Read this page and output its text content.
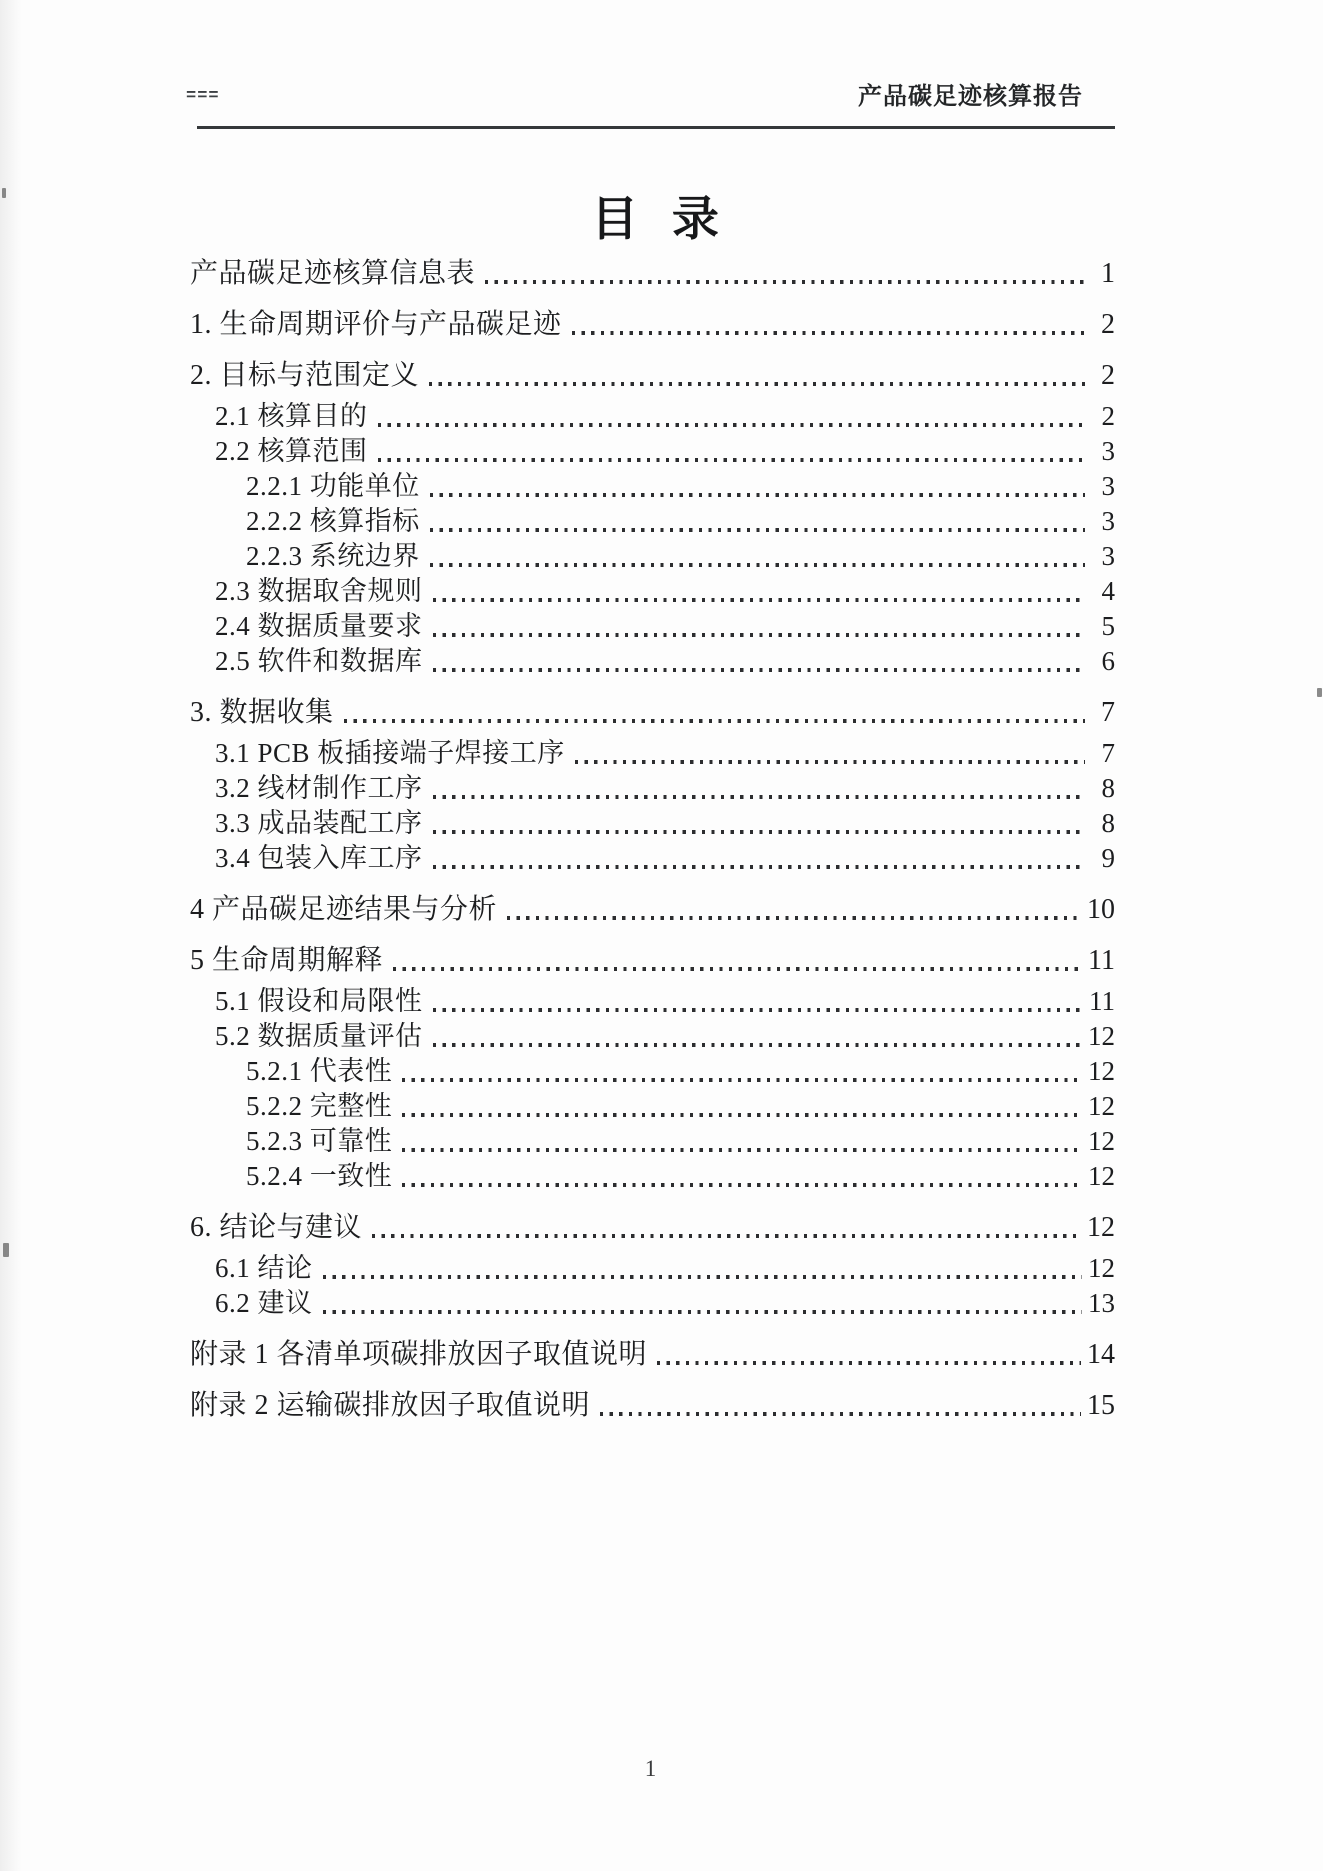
===	产品碳足迹核算报告
目 录
产品碳足迹核算信息表	1
1. 生命周期评价与产品碳足迹	2
2. 目标与范围定义	2
2.1 核算目的	2
2.2 核算范围	3
2.2.1 功能单位	3
2.2.2 核算指标	3
2.2.3 系统边界	3
2.3 数据取舍规则	4
2.4 数据质量要求	5
2.5 软件和数据库	6
3. 数据收集	7
3.1 PCB 板插接端子焊接工序	7
3.2 线材制作工序	8
3.3 成品装配工序	8
3.4 包装入库工序	9
4 产品碳足迹结果与分析	10
5 生命周期解释	11
5.1 假设和局限性	11
5.2 数据质量评估	12
5.2.1 代表性	12
5.2.2 完整性	12
5.2.3 可靠性	12
5.2.4 一致性	12
6. 结论与建议	12
6.1 结论	12
6.2 建议	13
附录 1 各清单项碳排放因子取值说明	14
附录 2 运输碳排放因子取值说明	15
1
